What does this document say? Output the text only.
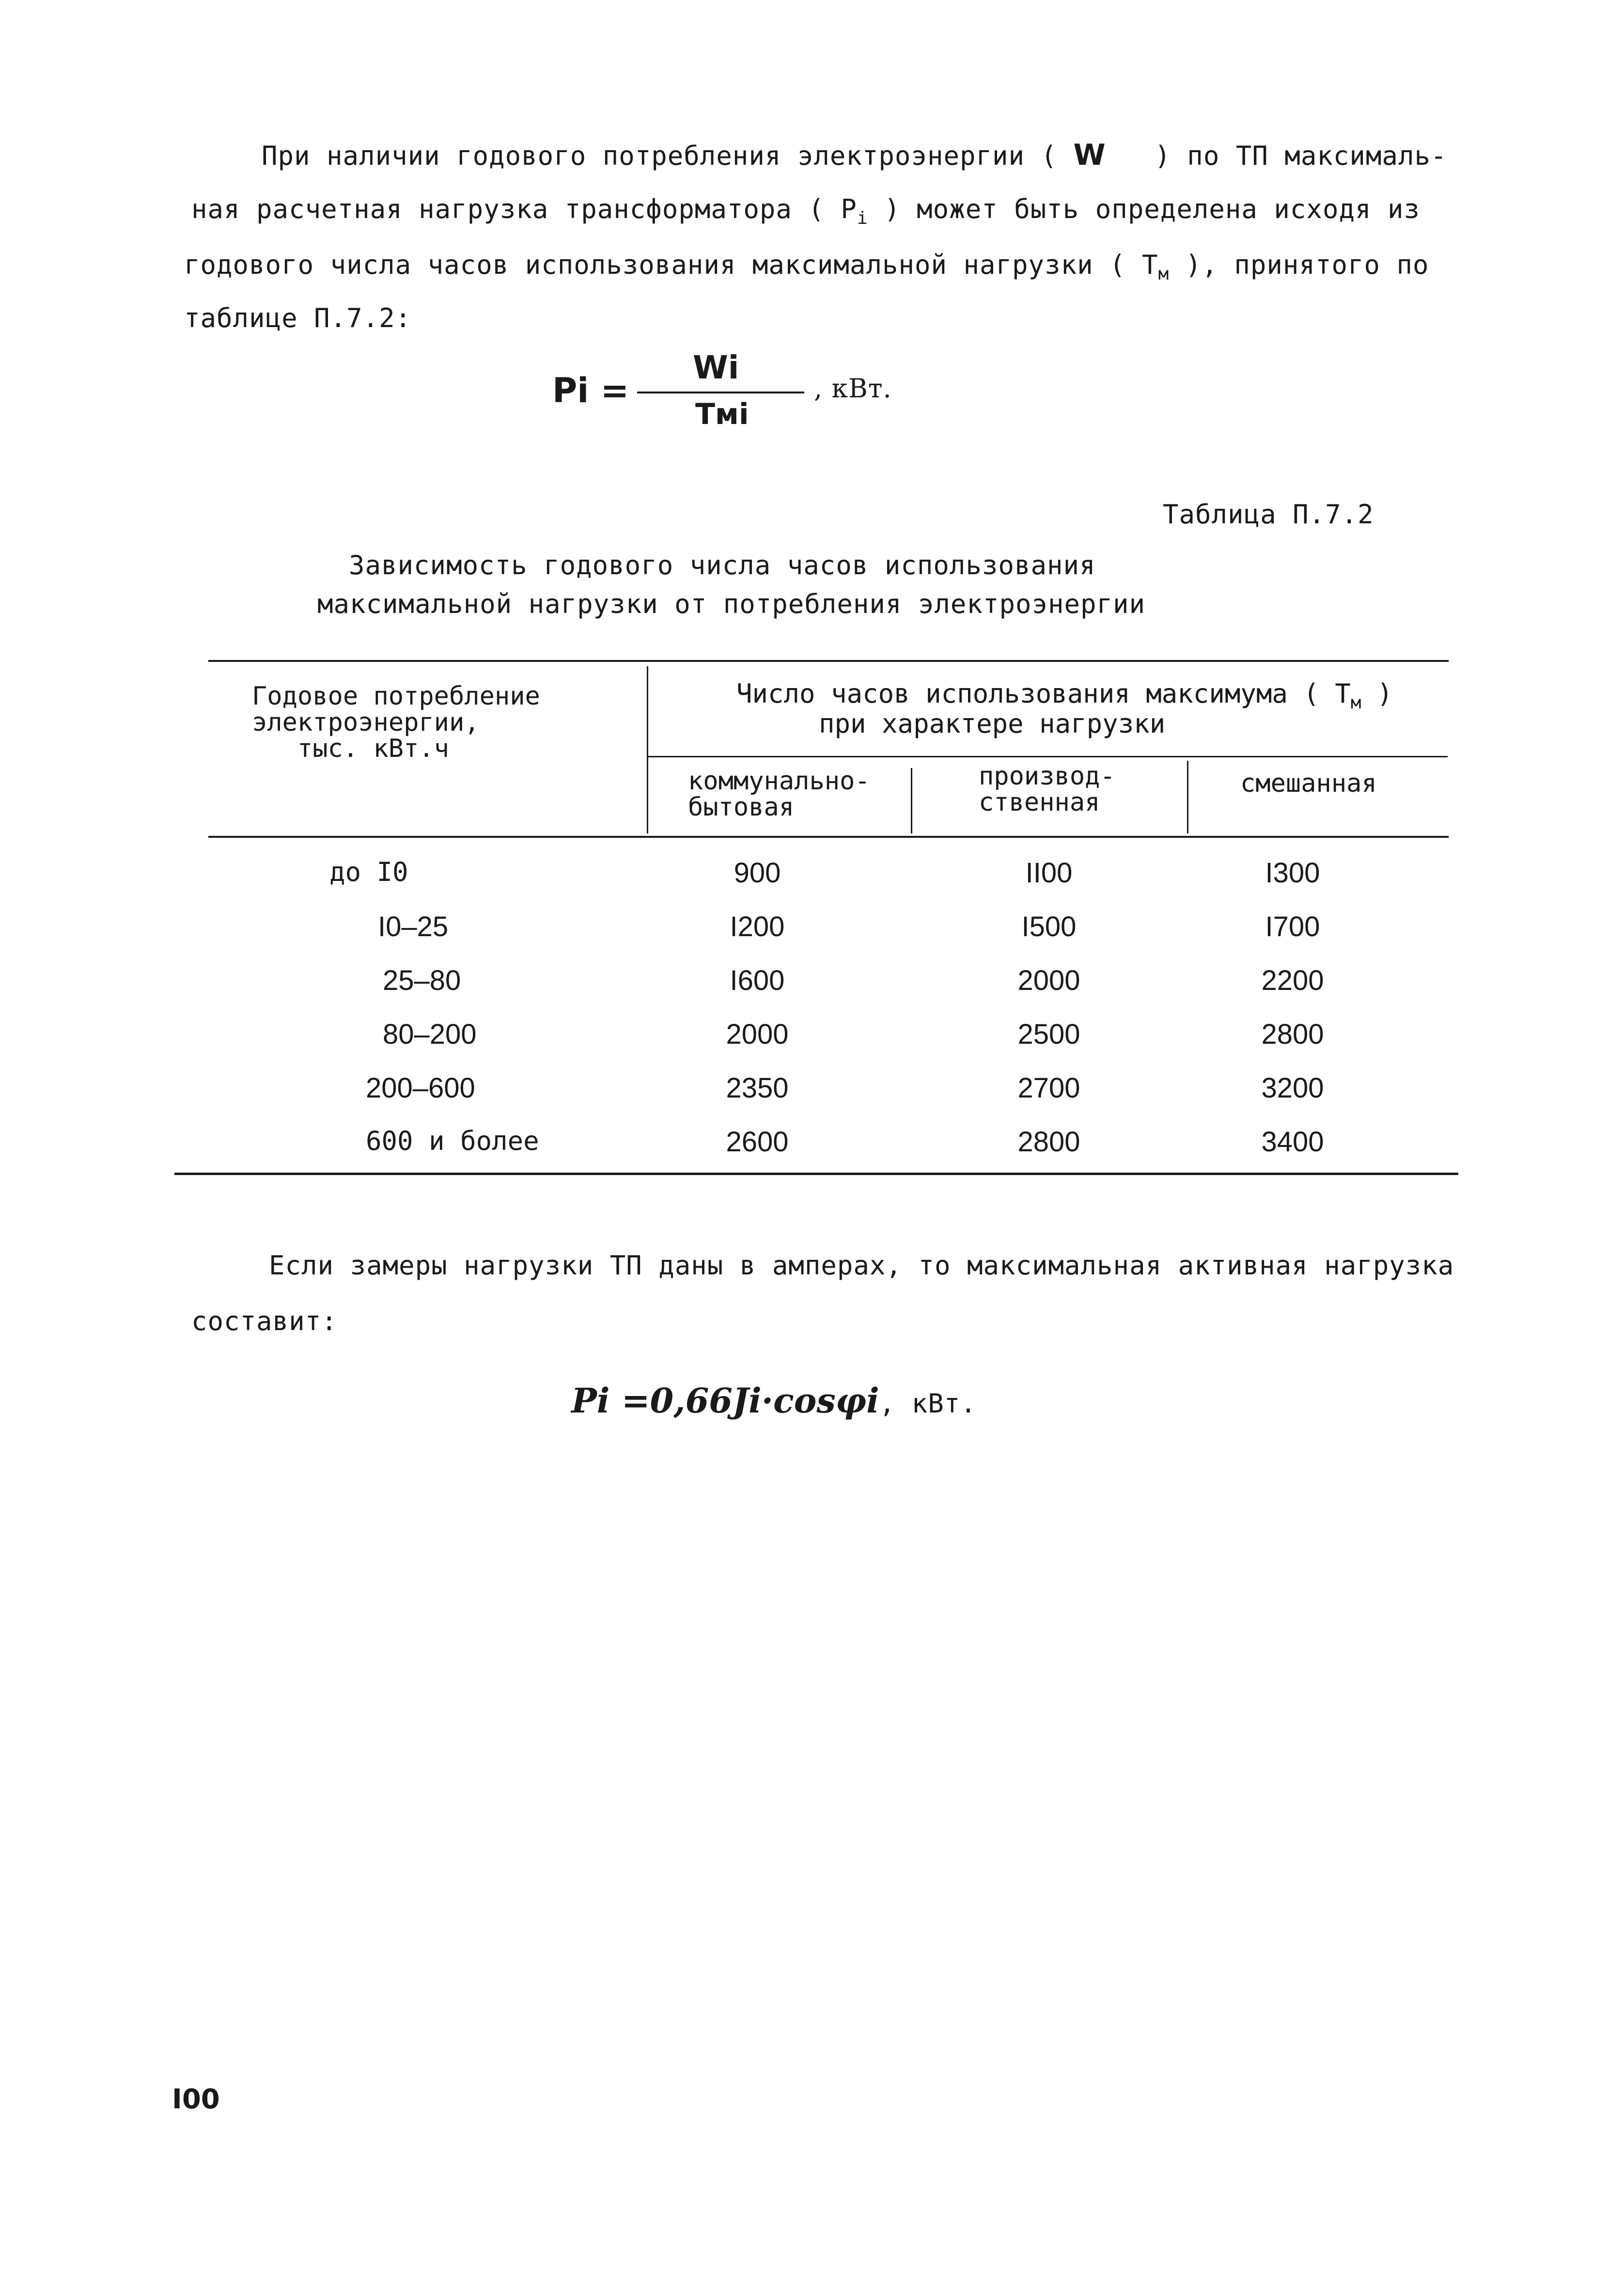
При наличии годового потребления электроэнергии ( W ) по ТП максималь-
ная расчетная нагрузка трансформатора ( $P_i$ ) может быть определена исходя из
годового числа часов использования максимальной нагрузки ( $T_м$ ), принятого по
таблице П.7.2:
Pi =
Wi
Tмi
, кВт.
Таблица П.7.2
Зависимость годового числа часов использования
максимальной нагрузки от потребления электроэнергии
Годовое потребление
электроэнергии,
тыс. кВт.ч
Число часов использования максимума ( $T_м$ )
при характере нагрузки
коммунально-
бытовая
производ-
ственная
смешанная
до I0	900	II00	I300
I0–25	I200	I500	I700
25–80	I600	2000	2200
80–200	2000	2500	2800
200–600	2350	2700	3200
600 и более	2600	2800	3400
Если замеры нагрузки ТП даны в амперах, то максимальная активная нагрузка
составит:

Pi =0,66Ji·cosφi, кВт.

I00
